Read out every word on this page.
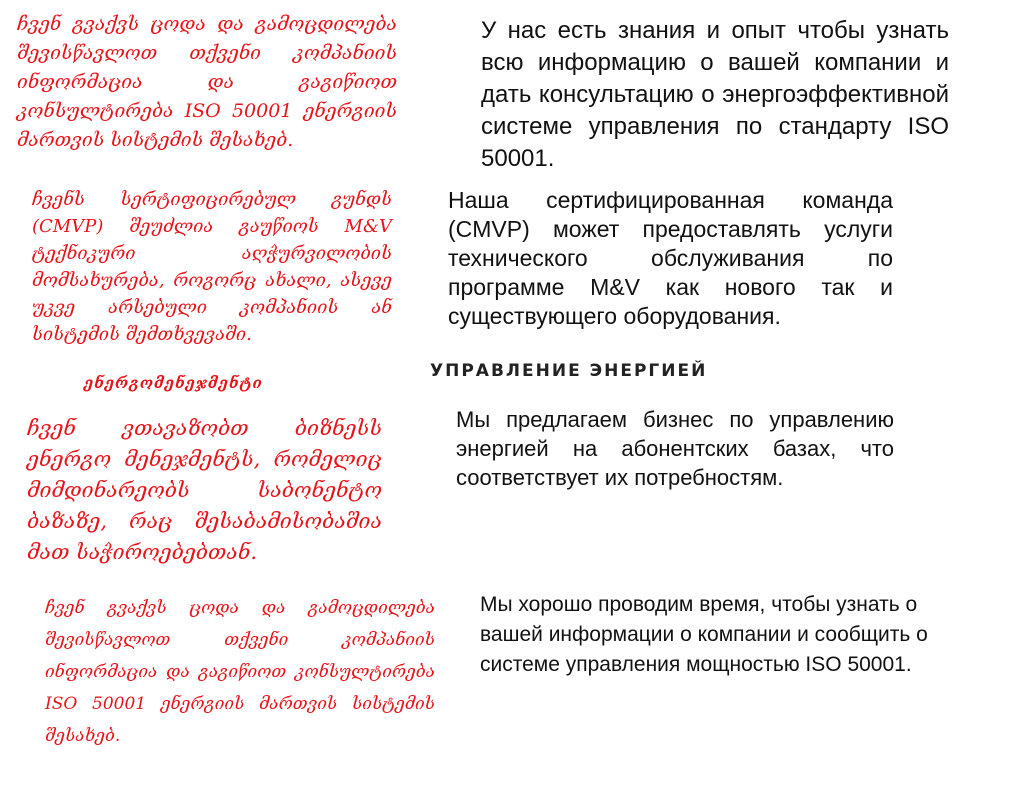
ჩვენ გვაქვს ცოდა და გამოცდილება შევისწავლოთ თქვენი კომპანიის ინფორმაცია და გაგიწიოთ კონსულტირება ISO 50001 ენერგიის მართვის სისტემის შესახებ.

У нас есть знания и опыт чтобы узнать всю информацию о вашей компании и дать консультацию о энергоэффективной системе управления по стандарту ISO 50001.

ჩვენს სერტიფიცირებულ გუნდს (CMVP) შეუძლია გაუწიოს M&V ტექნიკური აღჭურვილობის მომსახურება, როგორც ახალი, ასევე უკვე არსებული კომპანიის ან სისტემის შემთხვევაში.

Наша сертифицированная команда (CMVP) может предоставлять услуги технического обслуживания по программе M&V как нового так и существующего оборудования.

ენერგომენეჯმენტი
УПРАВЛЕНИЕ ЭНЕРГИЕЙ

ჩვენ ვთავაზობთ ბიზნესს ენერგო მენეჯმენტს, რომელიც მიმდინარეობს საბონენტო ბაზაზე, რაც შესაბამისობაშია მათ საჭიროებებთან.

Мы предлагаем бизнес по управлению энергией на абонентских базах, что соответствует их потребностям.

ჩვენ გვაქვს ცოდა და გამოცდილება შევისწავლოთ თქვენი კომპანიის ინფორმაცია და გაგიწიოთ კონსულტირება ISO 50001 ენერგიის მართვის სისტემის შესახებ.

Мы хорошо проводим время, чтобы узнать о вашей информации о компании и сообщить о системе управления мощностью ISO 50001.
